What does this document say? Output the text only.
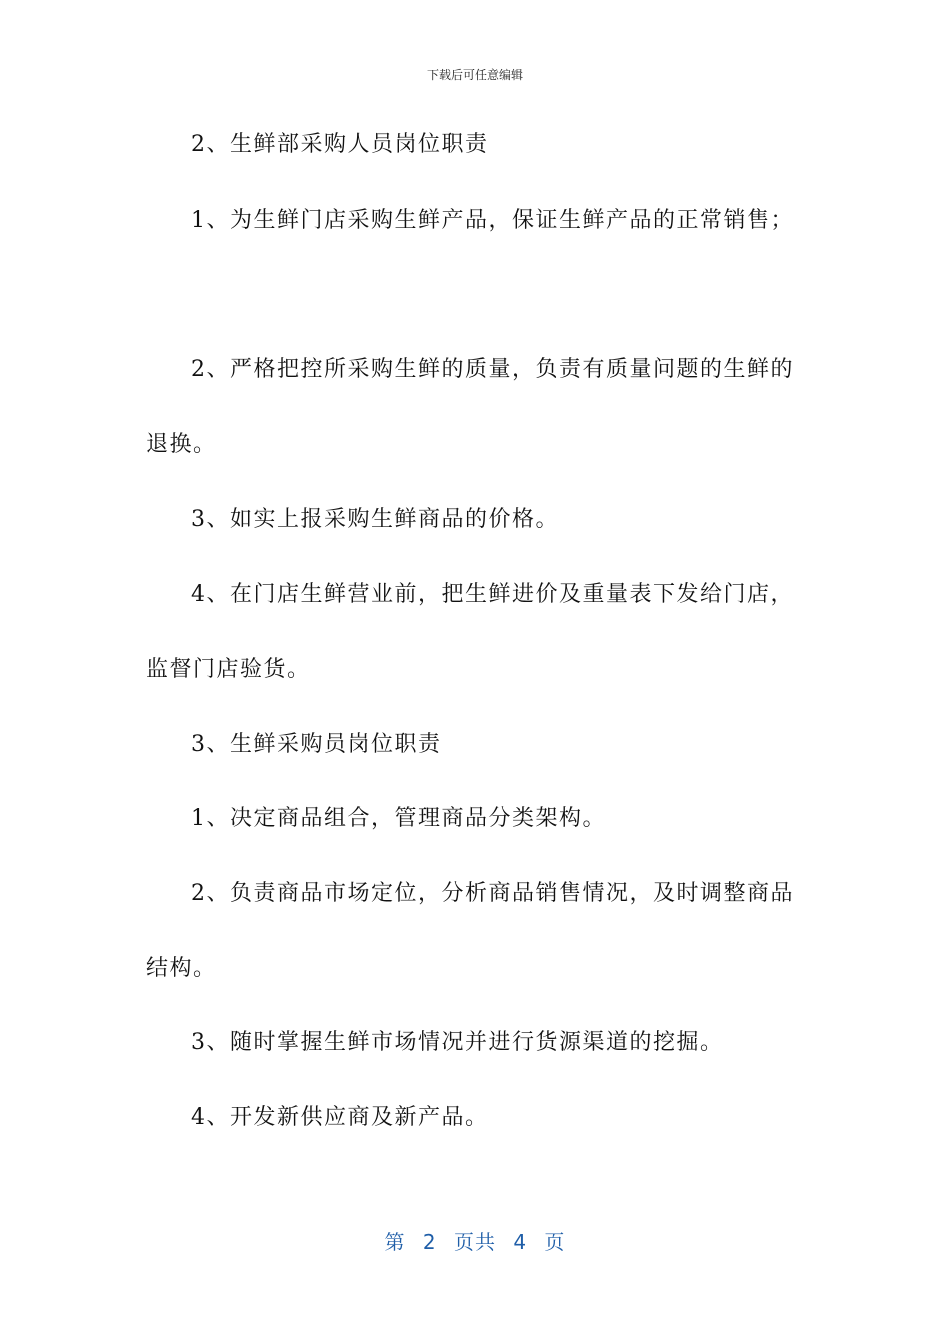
下载后可任意编辑
2、生鲜部采购人员岗位职责
1、为生鲜门店采购生鲜产品，保证生鲜产品的正常销售；
2、严格把控所采购生鲜的质量，负责有质量问题的生鲜的
退换。
3、如实上报采购生鲜商品的价格。
4、在门店生鲜营业前，把生鲜进价及重量表下发给门店，
监督门店验货。
3、生鲜采购员岗位职责
1、决定商品组合，管理商品分类架构。
2、负责商品市场定位，分析商品销售情况，及时调整商品
结构。
3、随时掌握生鲜市场情况并进行货源渠道的挖掘。
4、开发新供应商及新产品。
第 2 页共 4 页
